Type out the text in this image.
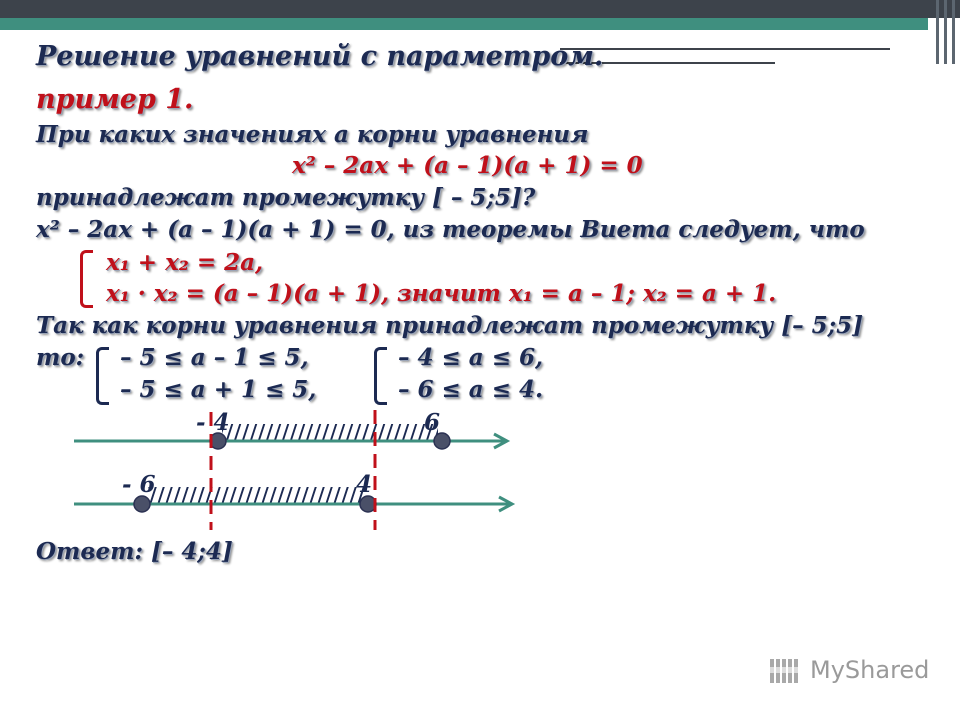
Решение уравнений с параметром.
пример 1.
При каких значениях а корни уравнения
х² – 2ах + (а – 1)(а + 1) = 0
принадлежат промежутку [ – 5;5]?
х² – 2ах + (а – 1)(а + 1) = 0, из теоремы Виета следует, что
х₁ + х₂ = 2а,
х₁ · х₂ = (а – 1)(а + 1), значит х₁ = а – 1; х₂ = а + 1.
Так как корни уравнения принадлежат промежутку [– 5;5]
то: – 5 ≤ а – 1 ≤ 5,
– 5 ≤ а + 1 ≤ 5,
– 4 ≤ а ≤ 6,
– 6 ≤ а ≤ 4.
- 4	6
- 6	4
Ответ: [– 4;4]
MyShared
